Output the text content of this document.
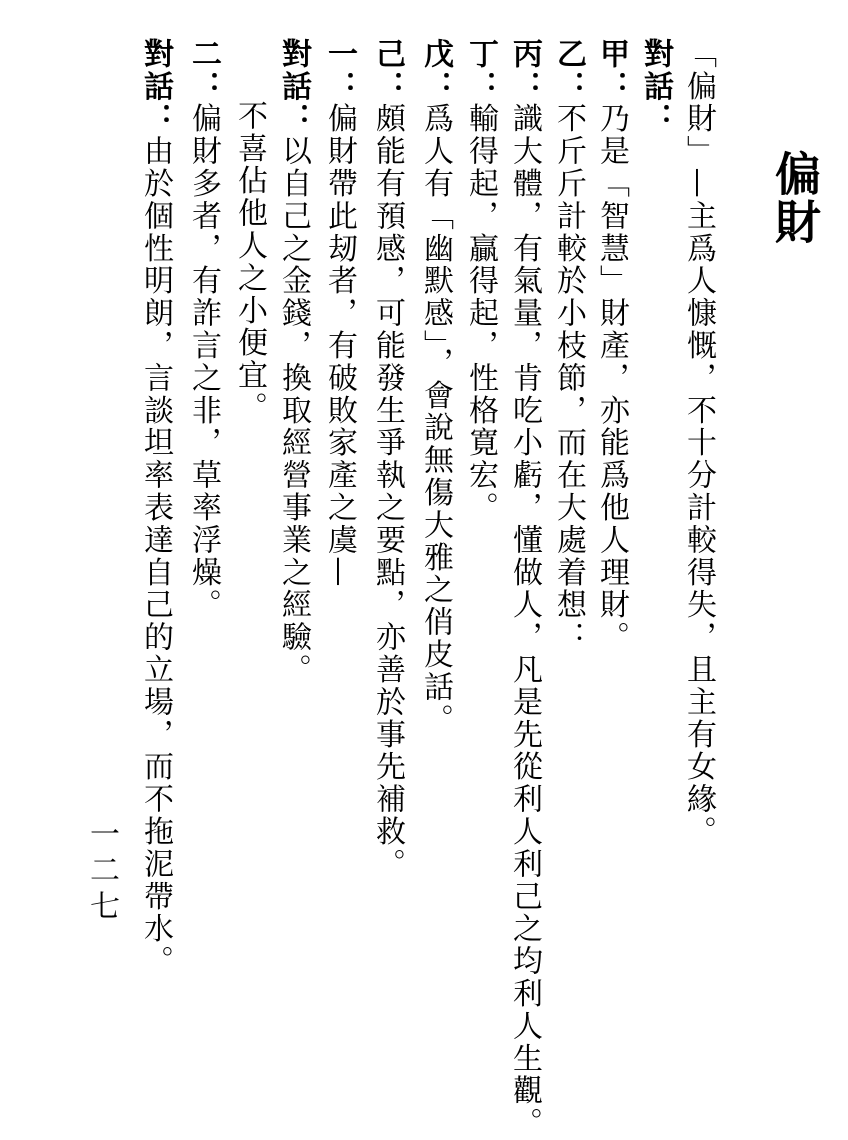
偏財
「偏財」—主爲人慷慨，不十分計較得失，且主有女緣。
對話：
甲：乃是「智慧」財產，亦能爲他人理財。
乙：不斤斤計較於小枝節，而在大處着想：
丙：識大體，有氣量，肯吃小虧，懂做人，凡是先從利人利己之均利人生觀。
丁：輸得起，贏得起，性格寛宏。
戊：爲人有「幽默感」，會說無傷大雅之俏皮話。
己：頗能有預感，可能發生爭執之要點，亦善於事先補救。
一：偏財帶此刼者，有破敗家產之虞—
對話：以自己之金錢，換取經營事業之經驗。
不喜佔他人之小便宜。
二：偏財多者，有詐言之非，草率浮燥。
對話：由於個性明朗，言談坦率表達自己的立場，而不拖泥帶水。
一二七
